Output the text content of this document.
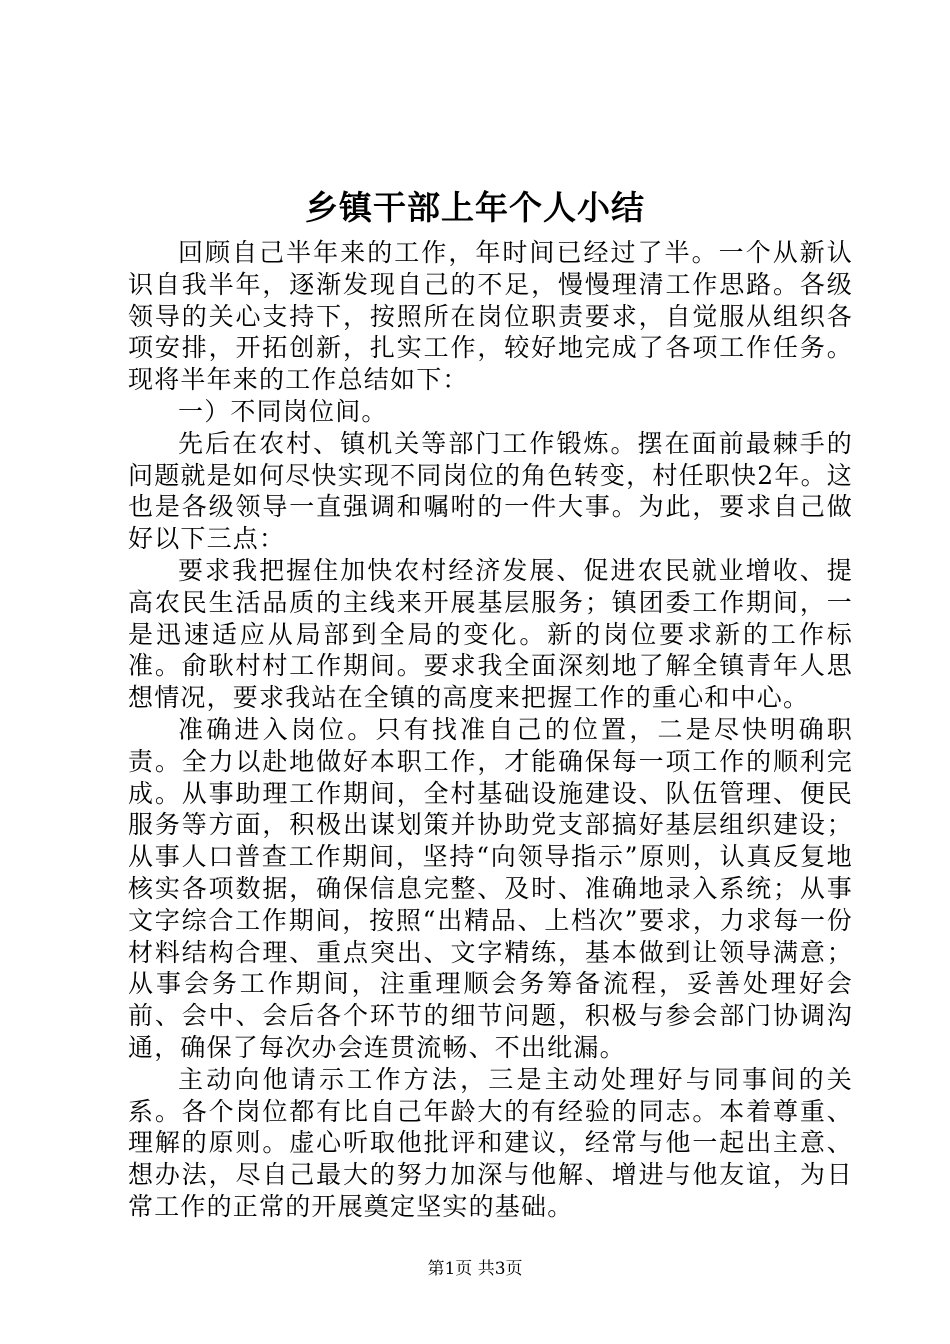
乡镇干部上年个人小结

回顾自己半年来的工作，年时间已经过了半。一个从新认识自我半年，逐渐发现自己的不足，慢慢理清工作思路。各级领导的关心支持下，按照所在岗位职责要求，自觉服从组织各项安排，开拓创新，扎实工作，较好地完成了各项工作任务。现将半年来的工作总结如下：

一）不同岗位间。

先后在农村、镇机关等部门工作锻炼。摆在面前最棘手的问题就是如何尽快实现不同岗位的角色转变，村任职快2年。这也是各级领导一直强调和嘱咐的一件大事。为此，要求自己做好以下三点：

要求我把握住加快农村经济发展、促进农民就业增收、提高农民生活品质的主线来开展基层服务；镇团委工作期间，一是迅速适应从局部到全局的变化。新的岗位要求新的工作标准。俞耿村村工作期间。要求我全面深刻地了解全镇青年人思想情况，要求我站在全镇的高度来把握工作的重心和中心。

准确进入岗位。只有找准自己的位置，二是尽快明确职责。全力以赴地做好本职工作，才能确保每一项工作的顺利完成。从事助理工作期间，全村基础设施建设、队伍管理、便民服务等方面，积极出谋划策并协助党支部搞好基层组织建设；从事人口普查工作期间，坚持“向领导指示”原则，认真反复地核实各项数据，确保信息完整、及时、准确地录入系统；从事文字综合工作期间，按照“出精品、上档次”要求，力求每一份材料结构合理、重点突出、文字精练，基本做到让领导满意；从事会务工作期间，注重理顺会务筹备流程，妥善处理好会前、会中、会后各个环节的细节问题，积极与参会部门协调沟通，确保了每次办会连贯流畅、不出纰漏。

主动向他请示工作方法，三是主动处理好与同事间的关系。各个岗位都有比自己年龄大的有经验的同志。本着尊重、理解的原则。虚心听取他批评和建议，经常与他一起出主意、想办法，尽自己最大的努力加深与他解、增进与他友谊，为日常工作的正常的开展奠定坚实的基础。

第1页 共3页
